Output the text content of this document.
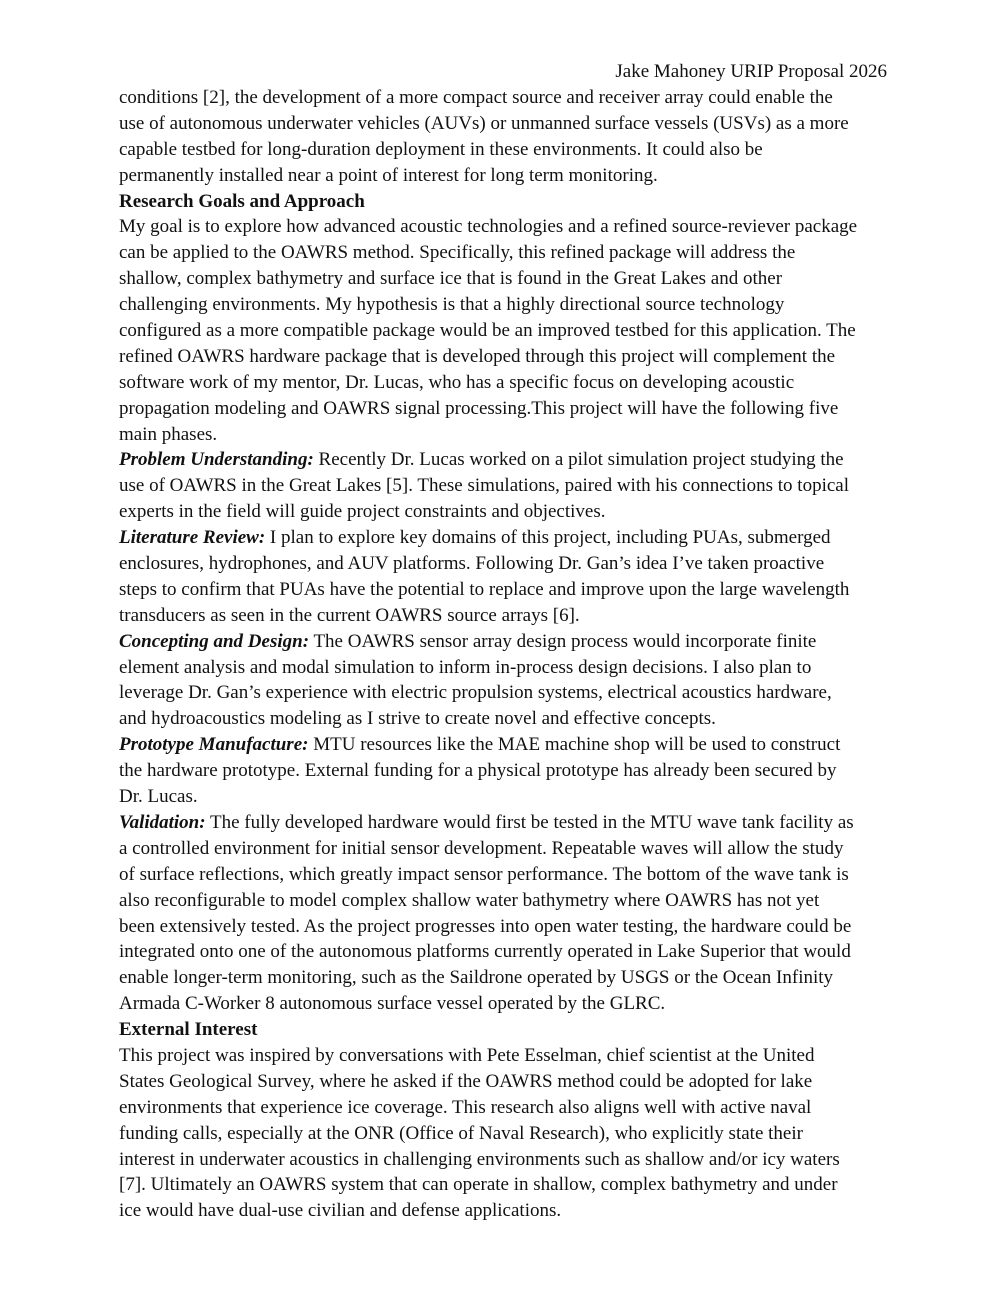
Jake Mahoney URIP Proposal 2026
conditions [2], the development of a more compact source and receiver array could enable the
use of autonomous underwater vehicles (AUVs) or unmanned surface vessels (USVs) as a more
capable testbed for long-duration deployment in these environments. It could also be
permanently installed near a point of interest for long term monitoring.
Research Goals and Approach
My goal is to explore how advanced acoustic technologies and a refined source-reviever package
can be applied to the OAWRS method. Specifically, this refined package will address the
shallow, complex bathymetry and surface ice that is found in the Great Lakes and other
challenging environments. My hypothesis is that a highly directional source technology
configured as a more compatible package would be an improved testbed for this application. The
refined OAWRS hardware package that is developed through this project will complement the
software work of my mentor, Dr. Lucas, who has a specific focus on developing acoustic
propagation modeling and OAWRS signal processing.This project will have the following five
main phases.
Problem Understanding: Recently Dr. Lucas worked on a pilot simulation project studying the
use of OAWRS in the Great Lakes [5]. These simulations, paired with his connections to topical
experts in the field will guide project constraints and objectives.
Literature Review: I plan to explore key domains of this project, including PUAs, submerged
enclosures, hydrophones, and AUV platforms. Following Dr. Gan’s idea I’ve taken proactive
steps to confirm that PUAs have the potential to replace and improve upon the large wavelength
transducers as seen in the current OAWRS source arrays [6].
Concepting and Design: The OAWRS sensor array design process would incorporate finite
element analysis and modal simulation to inform in-process design decisions. I also plan to
leverage Dr. Gan’s experience with electric propulsion systems, electrical acoustics hardware,
and hydroacoustics modeling as I strive to create novel and effective concepts.
Prototype Manufacture: MTU resources like the MAE machine shop will be used to construct
the hardware prototype. External funding for a physical prototype has already been secured by
Dr. Lucas.
Validation: The fully developed hardware would first be tested in the MTU wave tank facility as
a controlled environment for initial sensor development. Repeatable waves will allow the study
of surface reflections, which greatly impact sensor performance. The bottom of the wave tank is
also reconfigurable to model complex shallow water bathymetry where OAWRS has not yet
been extensively tested. As the project progresses into open water testing, the hardware could be
integrated onto one of the autonomous platforms currently operated in Lake Superior that would
enable longer-term monitoring, such as the Saildrone operated by USGS or the Ocean Infinity
Armada C-Worker 8 autonomous surface vessel operated by the GLRC.
External Interest
This project was inspired by conversations with Pete Esselman, chief scientist at the United
States Geological Survey, where he asked if the OAWRS method could be adopted for lake
environments that experience ice coverage. This research also aligns well with active naval
funding calls, especially at the ONR (Office of Naval Research), who explicitly state their
interest in underwater acoustics in challenging environments such as shallow and/or icy waters
[7]. Ultimately an OAWRS system that can operate in shallow, complex bathymetry and under
ice would have dual-use civilian and defense applications.
